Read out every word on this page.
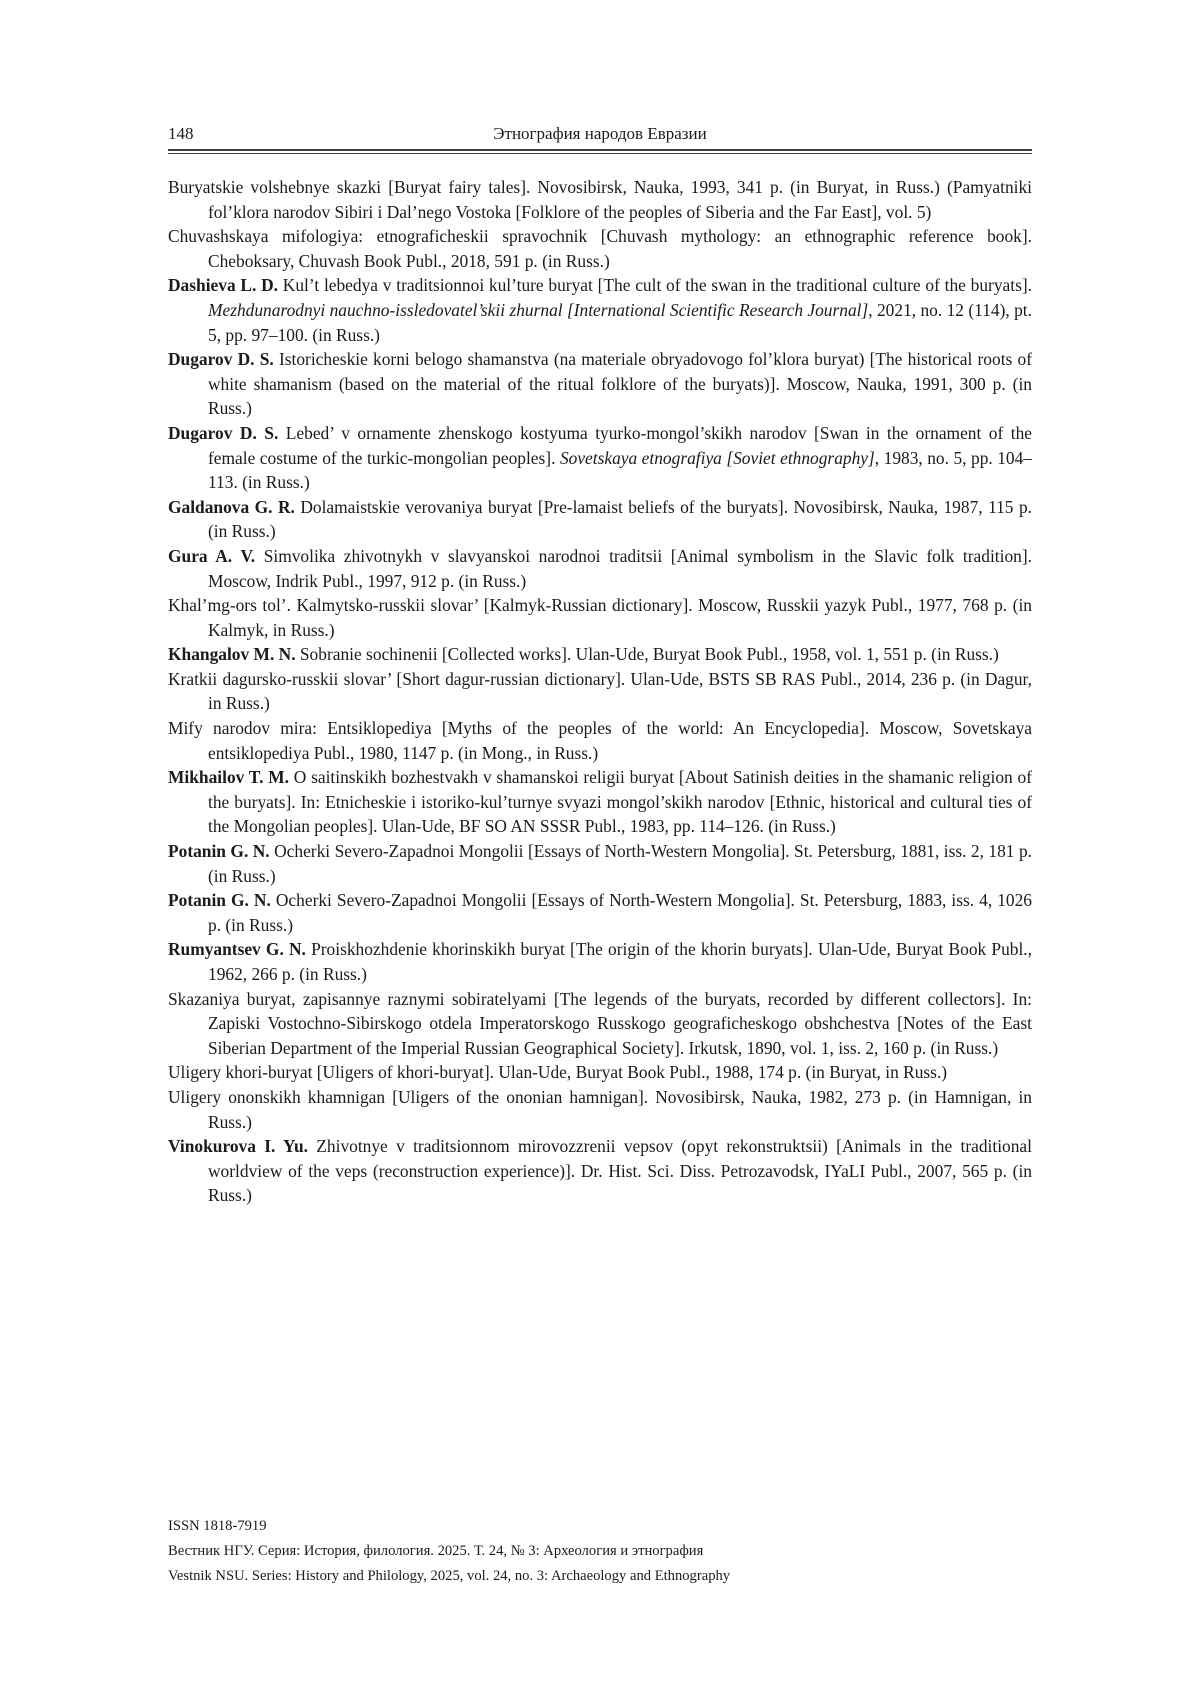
148	Этнография народов Евразии

Buryatskie volshebnye skazki [Buryat fairy tales]. Novosibirsk, Nauka, 1993, 341 p. (in Buryat, in Russ.) (Pamyatniki fol’klora narodov Sibiri i Dal’nego Vostoka [Folklore of the peoples of Siberia and the Far East], vol. 5)

Chuvashskaya mifologiya: etnograficheskii spravochnik [Chuvash mythology: an ethnographic reference book]. Cheboksary, Chuvash Book Publ., 2018, 591 p. (in Russ.)

Dashieva L. D. Kul’t lebedya v traditsionnoi kul’ture buryat [The cult of the swan in the traditional culture of the buryats]. Mezhdunarodnyi nauchno-issledovatel’skii zhurnal [International Scientific Research Journal], 2021, no. 12 (114), pt. 5, pp. 97–100. (in Russ.)

Dugarov D. S. Istoricheskie korni belogo shamanstva (na materiale obryadovogo fol’klora buryat) [The historical roots of white shamanism (based on the material of the ritual folklore of the buryats)]. Moscow, Nauka, 1991, 300 p. (in Russ.)

Dugarov D. S. Lebed’ v ornamente zhenskogo kostyuma tyurko-mongol’skikh narodov [Swan in the ornament of the female costume of the turkic-mongolian peoples]. Sovetskaya etnografiya [Soviet ethnography], 1983, no. 5, pp. 104–113. (in Russ.)

Galdanova G. R. Dolamaistskie verovaniya buryat [Pre-lamaist beliefs of the buryats]. Novosibirsk, Nauka, 1987, 115 p. (in Russ.)

Gura A. V. Simvolika zhivotnykh v slavyanskoi narodnoi traditsii [Animal symbolism in the Slavic folk tradition]. Moscow, Indrik Publ., 1997, 912 p. (in Russ.)

Khal’mg-ors tol’. Kalmytsko-russkii slovar’ [Kalmyk-Russian dictionary]. Moscow, Russkii yazyk Publ., 1977, 768 p. (in Kalmyk, in Russ.)

Khangalov M. N. Sobranie sochinenii [Collected works]. Ulan-Ude, Buryat Book Publ., 1958, vol. 1, 551 p. (in Russ.)

Kratkii dagursko-russkii slovar’ [Short dagur-russian dictionary]. Ulan-Ude, BSTS SB RAS Publ., 2014, 236 p. (in Dagur, in Russ.)

Mify narodov mira: Entsiklopediya [Myths of the peoples of the world: An Encyclopedia]. Moscow, Sovetskaya entsiklopediya Publ., 1980, 1147 p. (in Mong., in Russ.)

Mikhailov T. M. O saitinskikh bozhestvakh v shamanskoi religii buryat [About Satinish deities in the shamanic religion of the buryats]. In: Etnicheskie i istoriko-kul’turnye svyazi mongol’skikh narodov [Ethnic, historical and cultural ties of the Mongolian peoples]. Ulan-Ude, BF SO AN SSSR Publ., 1983, pp. 114–126. (in Russ.)

Potanin G. N. Ocherki Severo-Zapadnoi Mongolii [Essays of North-Western Mongolia]. St. Petersburg, 1881, iss. 2, 181 p. (in Russ.)

Potanin G. N. Ocherki Severo-Zapadnoi Mongolii [Essays of North-Western Mongolia]. St. Petersburg, 1883, iss. 4, 1026 p. (in Russ.)

Rumyantsev G. N. Proiskhozhdenie khorinskikh buryat [The origin of the khorin buryats]. Ulan-Ude, Buryat Book Publ., 1962, 266 p. (in Russ.)

Skazaniya buryat, zapisannye raznymi sobiratelyami [The legends of the buryats, recorded by different collectors]. In: Zapiski Vostochno-Sibirskogo otdela Imperatorskogo Russkogo geograficheskogo obshchestva [Notes of the East Siberian Department of the Imperial Russian Geographical Society]. Irkutsk, 1890, vol. 1, iss. 2, 160 p. (in Russ.)

Uligery khori-buryat [Uligers of khori-buryat]. Ulan-Ude, Buryat Book Publ., 1988, 174 p. (in Buryat, in Russ.)

Uligery ononskikh khamnigan [Uligers of the ononian hamnigan]. Novosibirsk, Nauka, 1982, 273 p. (in Hamnigan, in Russ.)

Vinokurova I. Yu. Zhivotnye v traditsionnom mirovozzrenii vepsov (opyt rekonstruktsii) [Animals in the traditional worldview of the veps (reconstruction experience)]. Dr. Hist. Sci. Diss. Petrozavodsk, IYaLI Publ., 2007, 565 p. (in Russ.)

ISSN 1818-7919
Вестник НГУ. Серия: История, филология. 2025. Т. 24, № 3: Археология и этнография
Vestnik NSU. Series: History and Philology, 2025, vol. 24, no. 3: Archaeology and Ethnography
